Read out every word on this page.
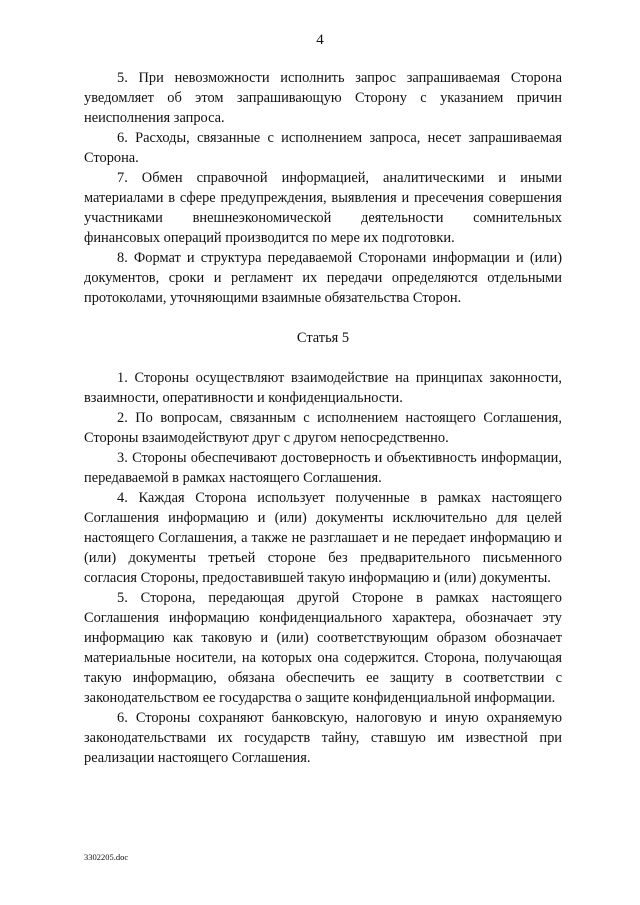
4

5. При невозможности исполнить запрос запрашиваемая Сторона уведомляет об этом запрашивающую Сторону с указанием причин неисполнения запроса.

6. Расходы, связанные с исполнением запроса, несет запрашиваемая Сторона.

7. Обмен справочной информацией, аналитическими и иными материалами в сфере предупреждения, выявления и пресечения совершения участниками внешнеэкономической деятельности сомнительных финансовых операций производится по мере их подготовки.

8. Формат и структура передаваемой Сторонами информации и (или) документов, сроки и регламент их передачи определяются отдельными протоколами, уточняющими взаимные обязательства Сторон.

Статья 5

1. Стороны осуществляют взаимодействие на принципах законности, взаимности, оперативности и конфиденциальности.

2. По вопросам, связанным с исполнением настоящего Соглашения, Стороны взаимодействуют друг с другом непосредственно.

3. Стороны обеспечивают достоверность и объективность информации, передаваемой в рамках настоящего Соглашения.

4. Каждая Сторона использует полученные в рамках настоящего Соглашения информацию и (или) документы исключительно для целей настоящего Соглашения, а также не разглашает и не передает информацию и (или) документы третьей стороне без предварительного письменного согласия Стороны, предоставившей такую информацию и (или) документы.

5. Сторона, передающая другой Стороне в рамках настоящего Соглашения информацию конфиденциального характера, обозначает эту информацию как таковую и (или) соответствующим образом обозначает материальные носители, на которых она содержится. Сторона, получающая такую информацию, обязана обеспечить ее защиту в соответствии с законодательством ее государства о защите конфиденциальной информации.

6. Стороны сохраняют банковскую, налоговую и иную охраняемую законодательствами их государств тайну, ставшую им известной при реализации настоящего Соглашения.

3302205.doc
